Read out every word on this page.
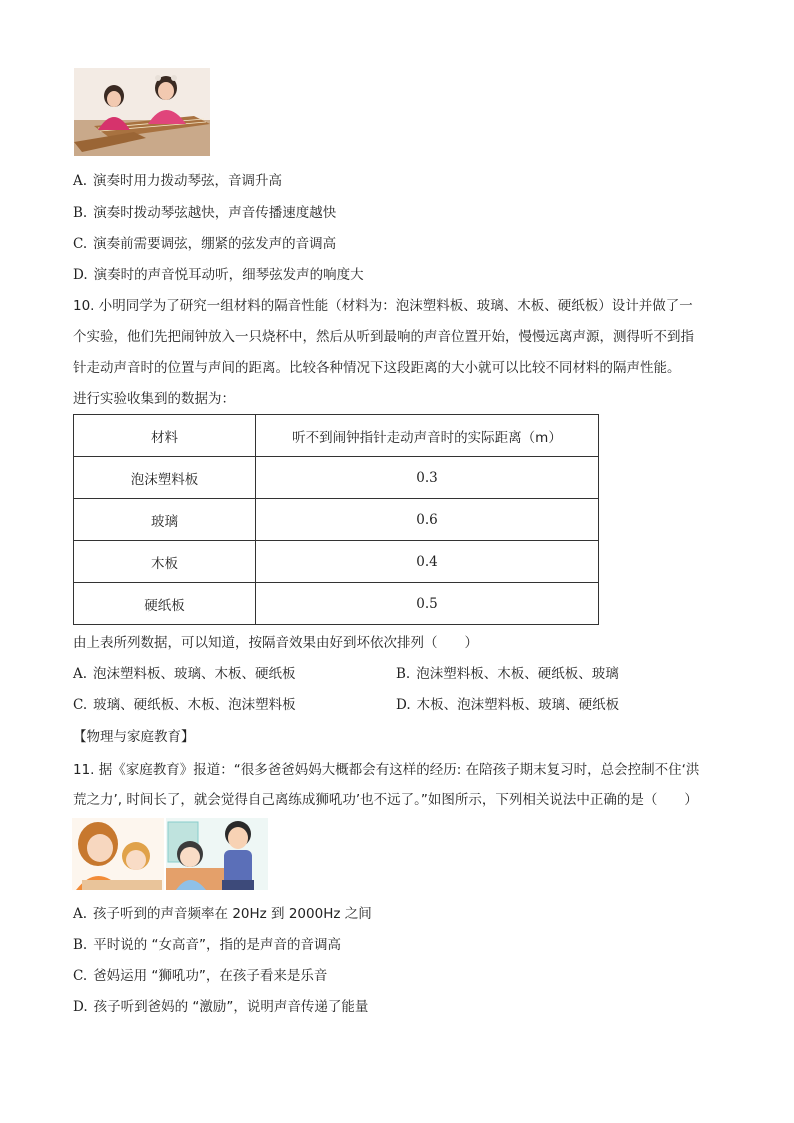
A. 演奏时用力拨动琴弦，音调升高
B. 演奏时拨动琴弦越快，声音传播速度越快
C. 演奏前需要调弦，绷紧的弦发声的音调高
D. 演奏时的声音悦耳动听，细琴弦发声的响度大
10. 小明同学为了研究一组材料的隔音性能（材料为：泡沫塑料板、玻璃、木板、硬纸板）设计并做了一
个实验，他们先把闹钟放入一只烧杯中，然后从听到最响的声音位置开始，慢慢远离声源，测得听不到指
针走动声音时的位置与声间的距离。比较各种情况下这段距离的大小就可以比较不同材料的隔声性能。
进行实验收集到的数据为：
材料	听不到闹钟指针走动声音时的实际距离（m）
泡沫塑料板	0.3
玻璃	0.6
木板	0.4
硬纸板	0.5
由上表所列数据，可以知道，按隔音效果由好到坏依次排列（　　）
A. 泡沫塑料板、玻璃、木板、硬纸板	B. 泡沫塑料板、木板、硬纸板、玻璃
C. 玻璃、硬纸板、木板、泡沫塑料板	D. 木板、泡沫塑料板、玻璃、硬纸板
【物理与家庭教育】
11. 据《家庭教育》报道：“很多爸爸妈妈大概都会有这样的经历: 在陪孩子期末复习时，总会控制不住‘洪
荒之力’, 时间长了，就会觉得自己离练成狮吼功’也不远了。”如图所示，下列相关说法中正确的是（　　）
A. 孩子听到的声音频率在 20Hz 到 2000Hz 之间
B. 平时说的 “女高音”，指的是声音的音调高
C. 爸妈运用 “狮吼功”，在孩子看来是乐音
D. 孩子听到爸妈的 “激励”，说明声音传递了能量
